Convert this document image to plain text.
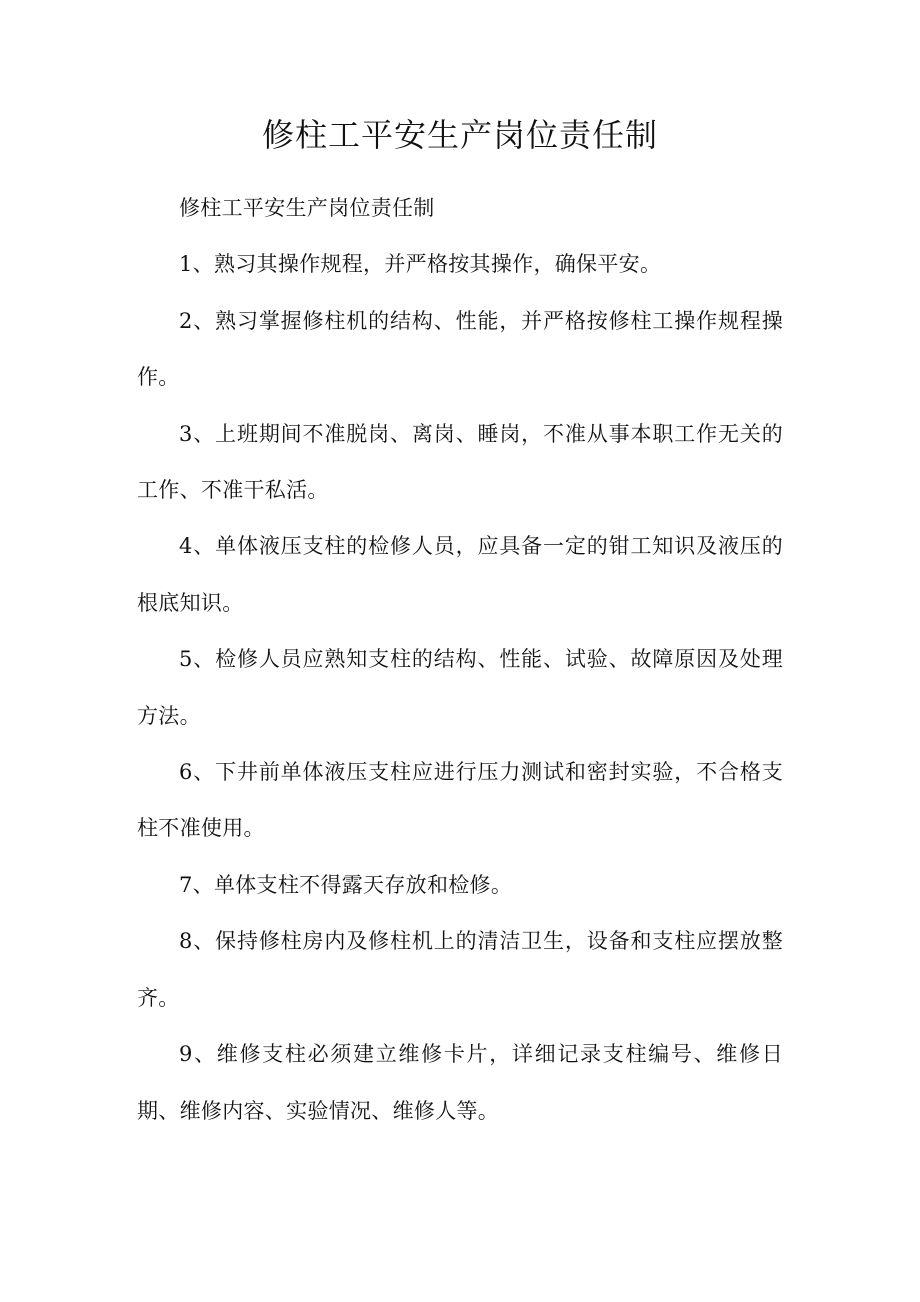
修柱工平安生产岗位责任制

修柱工平安生产岗位责任制

1、熟习其操作规程，并严格按其操作，确保平安。

2、熟习掌握修柱机的结构、性能，并严格按修柱工操作规程操作。

3、上班期间不准脱岗、离岗、睡岗，不准从事本职工作无关的工作、不准干私活。

4、单体液压支柱的检修人员，应具备一定的钳工知识及液压的根底知识。

5、检修人员应熟知支柱的结构、性能、试验、故障原因及处理方法。

6、下井前单体液压支柱应进行压力测试和密封实验，不合格支柱不准使用。

7、单体支柱不得露天存放和检修。

8、保持修柱房内及修柱机上的清洁卫生，设备和支柱应摆放整齐。

9、维修支柱必须建立维修卡片，详细记录支柱编号、维修日期、维修内容、实验情况、维修人等。
